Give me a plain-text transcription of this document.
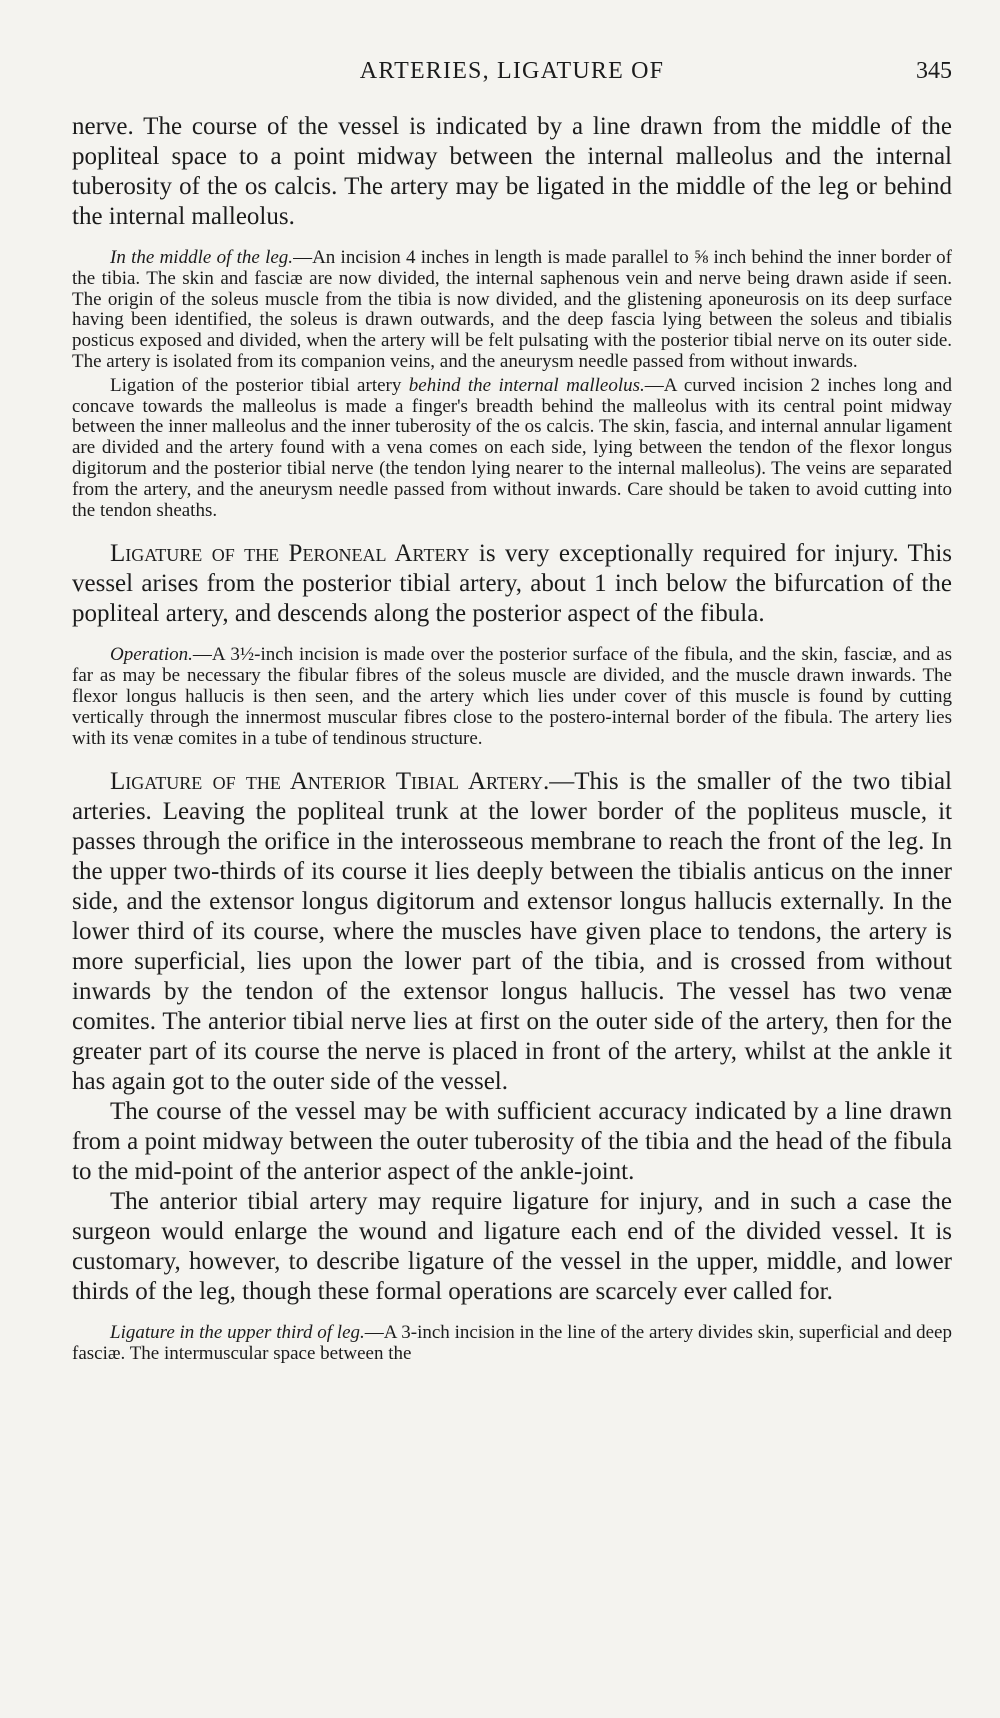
ARTERIES, LIGATURE OF	345

nerve. The course of the vessel is indicated by a line drawn from the middle of the popliteal space to a point midway between the internal malleolus and the internal tuberosity of the os calcis. The artery may be ligated in the middle of the leg or behind the internal malleolus.

In the middle of the leg.—An incision 4 inches in length is made parallel to ⅝ inch behind the inner border of the tibia. The skin and fasciæ are now divided, the internal saphenous vein and nerve being drawn aside if seen. The origin of the soleus muscle from the tibia is now divided, and the glistening aponeurosis on its deep surface having been identified, the soleus is drawn outwards, and the deep fascia lying between the soleus and tibialis posticus exposed and divided, when the artery will be felt pulsating with the posterior tibial nerve on its outer side. The artery is isolated from its companion veins, and the aneurysm needle passed from without inwards.

Ligation of the posterior tibial artery behind the internal malleolus.—A curved incision 2 inches long and concave towards the malleolus is made a finger's breadth behind the malleolus with its central point midway between the inner malleolus and the inner tuberosity of the os calcis. The skin, fascia, and internal annular ligament are divided and the artery found with a vena comes on each side, lying between the tendon of the flexor longus digitorum and the posterior tibial nerve (the tendon lying nearer to the internal malleolus). The veins are separated from the artery, and the aneurysm needle passed from without inwards. Care should be taken to avoid cutting into the tendon sheaths.

Ligature of the Peroneal Artery is very exceptionally required for injury. This vessel arises from the posterior tibial artery, about 1 inch below the bifurcation of the popliteal artery, and descends along the posterior aspect of the fibula.

Operation.—A 3½-inch incision is made over the posterior surface of the fibula, and the skin, fasciæ, and as far as may be necessary the fibular fibres of the soleus muscle are divided, and the muscle drawn inwards. The flexor longus hallucis is then seen, and the artery which lies under cover of this muscle is found by cutting vertically through the innermost muscular fibres close to the postero-internal border of the fibula. The artery lies with its venæ comites in a tube of tendinous structure.

Ligature of the Anterior Tibial Artery.—This is the smaller of the two tibial arteries. Leaving the popliteal trunk at the lower border of the popliteus muscle, it passes through the orifice in the interosseous membrane to reach the front of the leg. In the upper two-thirds of its course it lies deeply between the tibialis anticus on the inner side, and the extensor longus digitorum and extensor longus hallucis externally. In the lower third of its course, where the muscles have given place to tendons, the artery is more superficial, lies upon the lower part of the tibia, and is crossed from without inwards by the tendon of the extensor longus hallucis. The vessel has two venæ comites. The anterior tibial nerve lies at first on the outer side of the artery, then for the greater part of its course the nerve is placed in front of the artery, whilst at the ankle it has again got to the outer side of the vessel.

The course of the vessel may be with sufficient accuracy indicated by a line drawn from a point midway between the outer tuberosity of the tibia and the head of the fibula to the mid-point of the anterior aspect of the ankle-joint.

The anterior tibial artery may require ligature for injury, and in such a case the surgeon would enlarge the wound and ligature each end of the divided vessel. It is customary, however, to describe ligature of the vessel in the upper, middle, and lower thirds of the leg, though these formal operations are scarcely ever called for.

Ligature in the upper third of leg.—A 3-inch incision in the line of the artery divides skin, superficial and deep fasciæ. The intermuscular space between the
